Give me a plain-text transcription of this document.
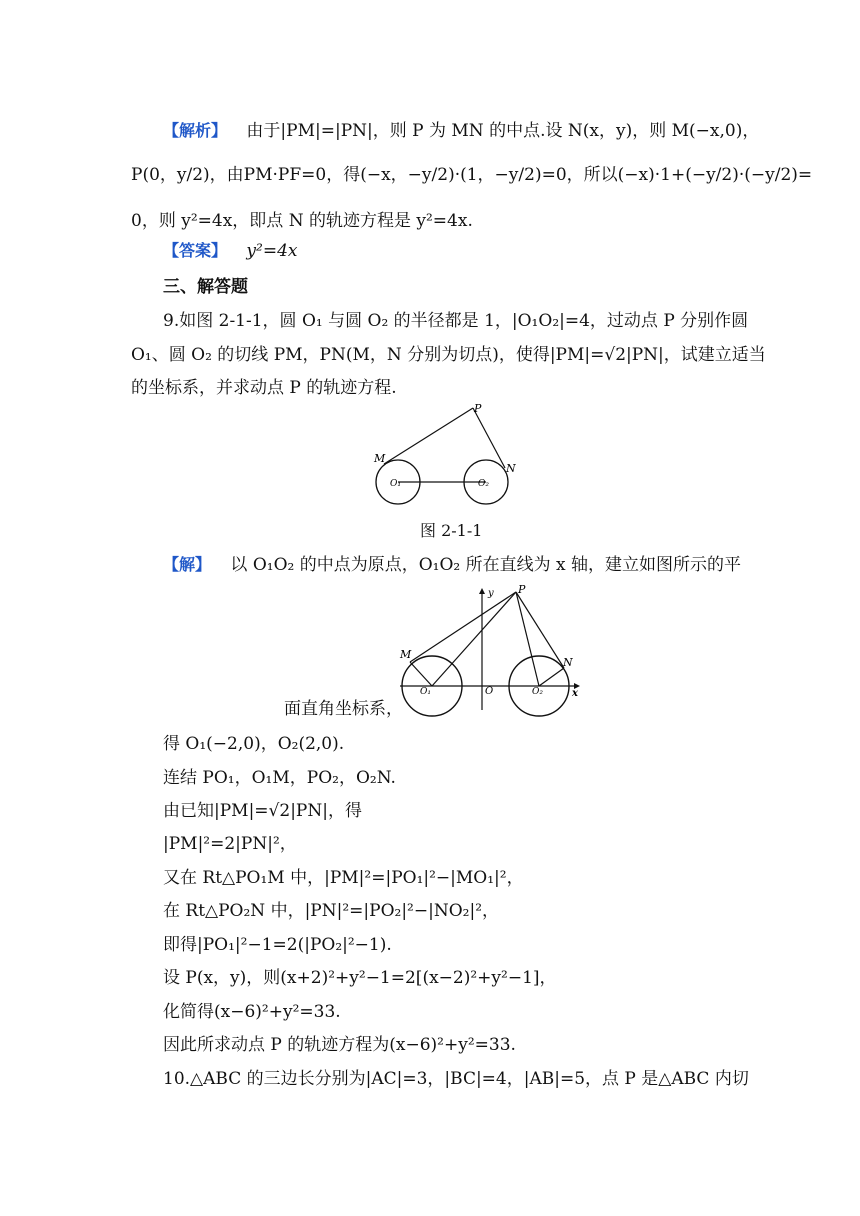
【解析】 由于|PM|=|PN|，则 P 为 MN 的中点.设 N(x，y)，则 M(−x,0)，
P(0，y/2)，由PM·PF=0，得(−x，−y/2)·(1，−y/2)=0，所以(−x)·1+(−y/2)·(−y/2)=
0，则 y²=4x，即点 N 的轨迹方程是 y²=4x.
【答案】 y²=4x
三、解答题
9.如图 2-1-1，圆 O₁ 与圆 O₂ 的半径都是 1，|O₁O₂|=4，过动点 P 分别作圆
O₁、圆 O₂ 的切线 PM，PN(M，N 分别为切点)，使得|PM|=√2|PN|，试建立适当
的坐标系，并求动点 P 的轨迹方程.
P
M
N
O₁	O₂
图 2-1-1
【解】 以 O₁O₂ 的中点为原点，O₁O₂ 所在直线为 x 轴，建立如图所示的平
P
M
N
O₁	O₂
O	x
y
面直角坐标系，
得 O₁(−2,0)，O₂(2,0).
连结 PO₁，O₁M，PO₂，O₂N.
由已知|PM|=√2|PN|，得
|PM|²=2|PN|²，
又在 Rt△PO₁M 中，|PM|²=|PO₁|²−|MO₁|²，
在 Rt△PO₂N 中，|PN|²=|PO₂|²−|NO₂|²，
即得|PO₁|²−1=2(|PO₂|²−1).
设 P(x，y)，则(x+2)²+y²−1=2[(x−2)²+y²−1]，
化简得(x−6)²+y²=33.
因此所求动点 P 的轨迹方程为(x−6)²+y²=33.
10.△ABC 的三边长分别为|AC|=3，|BC|=4，|AB|=5，点 P 是△ABC 内切
